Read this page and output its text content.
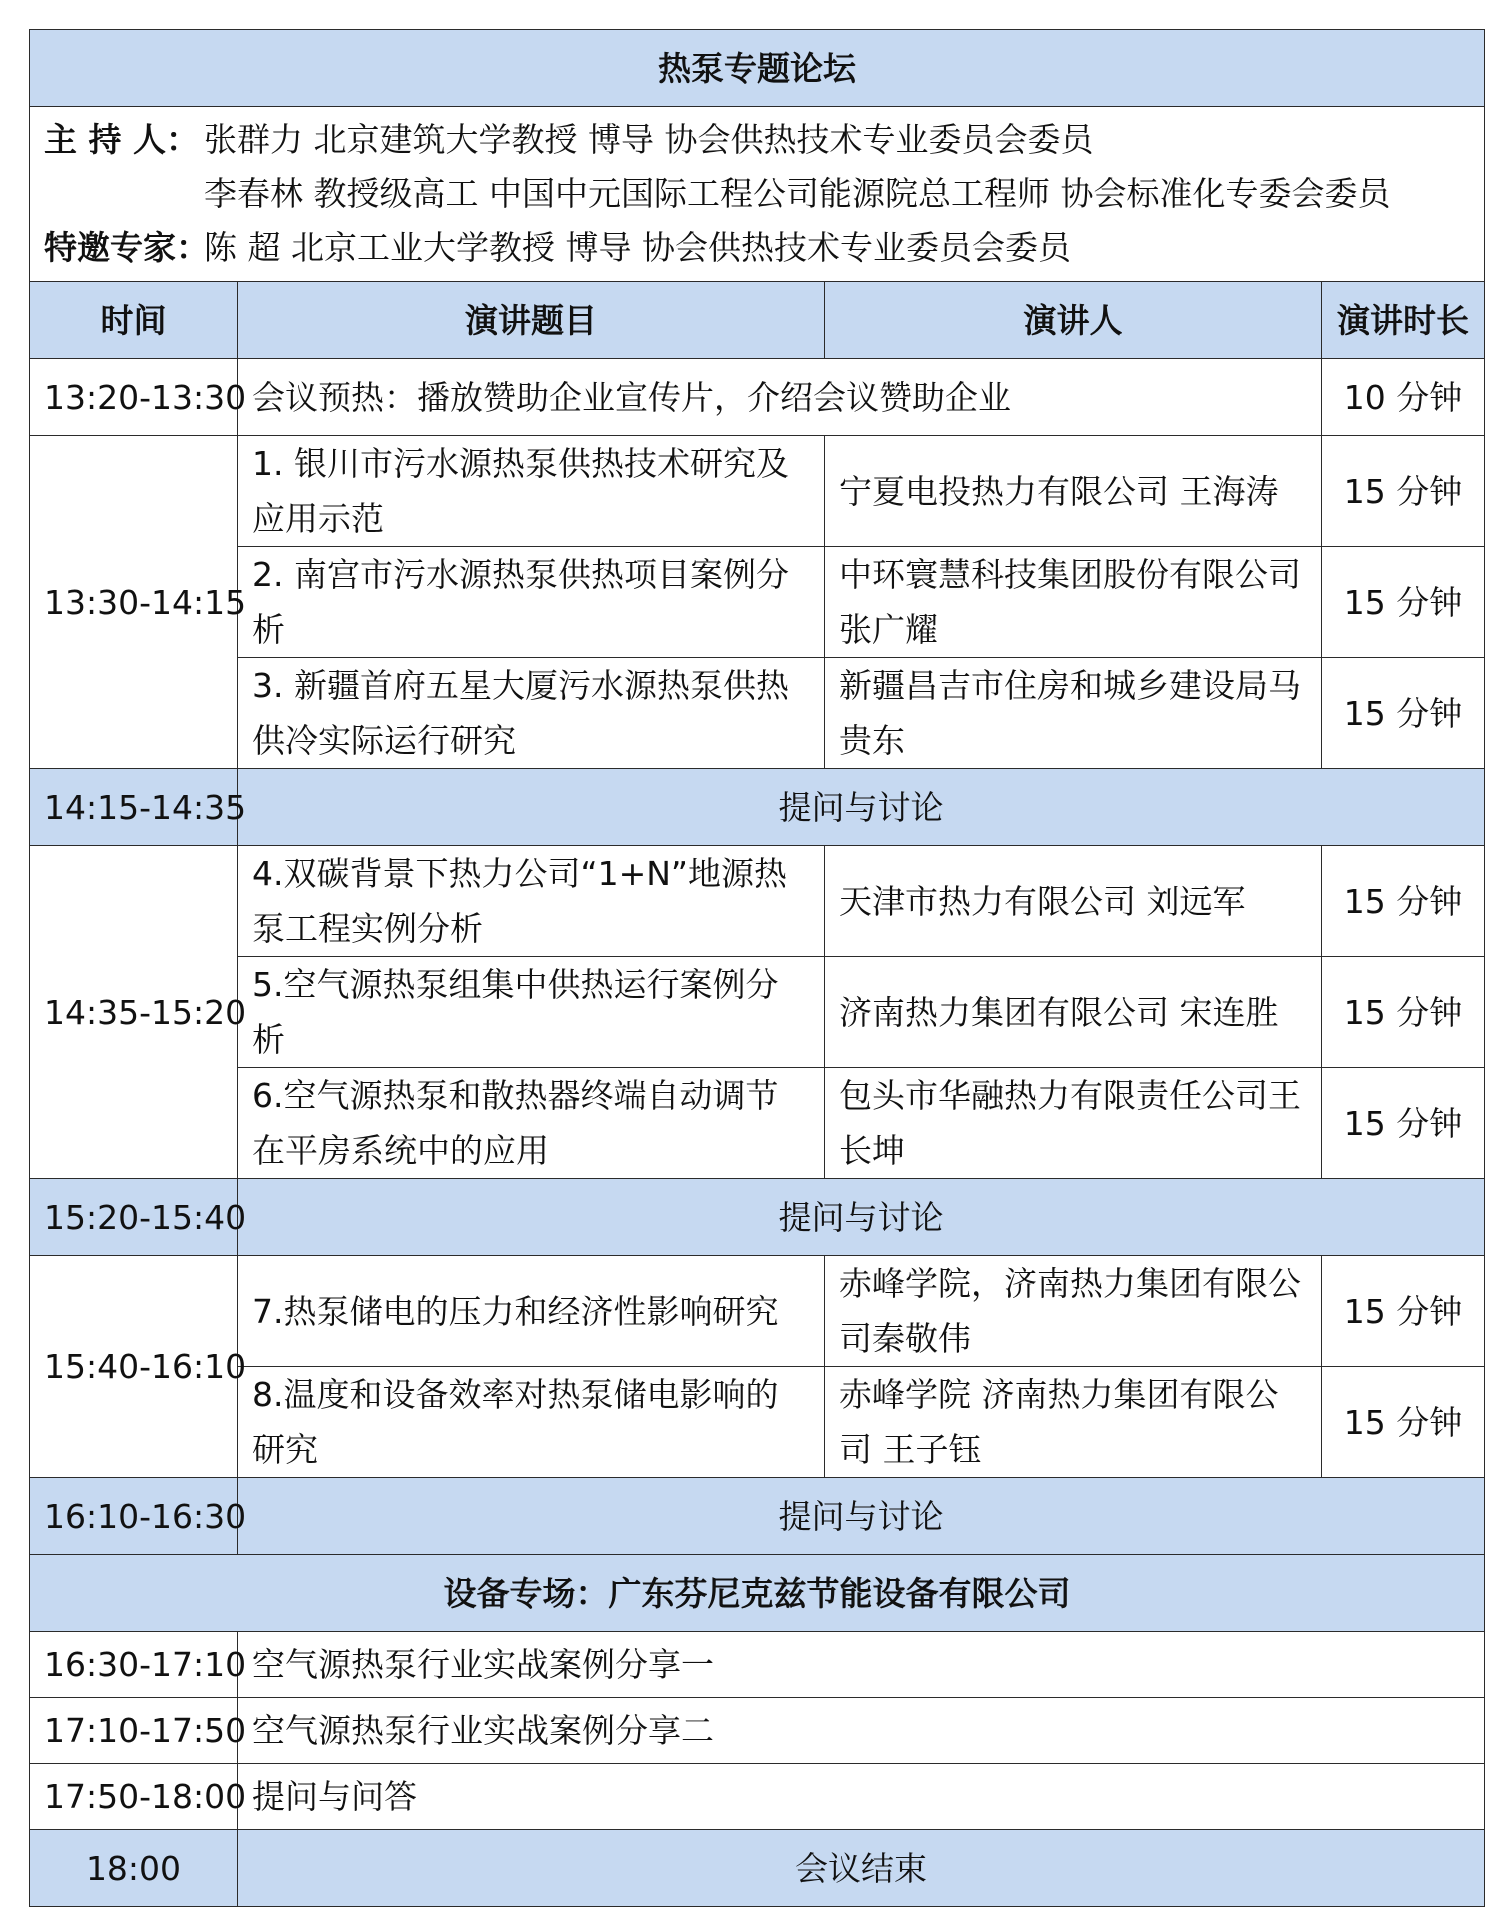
热泵专题论坛			

主 持 人： 张群力 北京建筑大学教授 博导 协会供热技术专业委员会委员
李春林 教授级高工 中国中元国际工程公司能源院总工程师 协会标准化专委会委员
特邀专家：陈 超 北京工业大学教授 博导 协会供热技术专业委员会委员			

时间	演讲题目	演讲人	演讲时长
13:20-13:30	会议预热：播放赞助企业宣传片，介绍会议赞助企业		10 分钟
13:30-14:15	1. 银川市污水源热泵供热技术研究及应用示范	宁夏电投热力有限公司 王海涛	15 分钟
	2. 南宫市污水源热泵供热项目案例分析	中环寰慧科技集团股份有限公司张广耀	15 分钟
	3. 新疆首府五星大厦污水源热泵供热供冷实际运行研究	新疆昌吉市住房和城乡建设局马贵东	15 分钟
14:15-14:35	提问与讨论		
14:35-15:20	4.双碳背景下热力公司“1+N”地源热泵工程实例分析	天津市热力有限公司 刘远军	15 分钟
	5.空气源热泵组集中供热运行案例分析	济南热力集团有限公司 宋连胜	15 分钟
	6.空气源热泵和散热器终端自动调节在平房系统中的应用	包头市华融热力有限责任公司王长坤	15 分钟
15:20-15:40	提问与讨论		
15:40-16:10	7.热泵储电的压力和经济性影响研究	赤峰学院，济南热力集团有限公司秦敬伟	15 分钟
	8.温度和设备效率对热泵储电影响的研究	赤峰学院 济南热力集团有限公司 王子钰	15 分钟
16:10-16:30	提问与讨论		
设备专场：广东芬尼克兹节能设备有限公司			
16:30-17:10	空气源热泵行业实战案例分享一		
17:10-17:50	空气源热泵行业实战案例分享二		
17:50-18:00	提问与问答		
18:00	会议结束		
